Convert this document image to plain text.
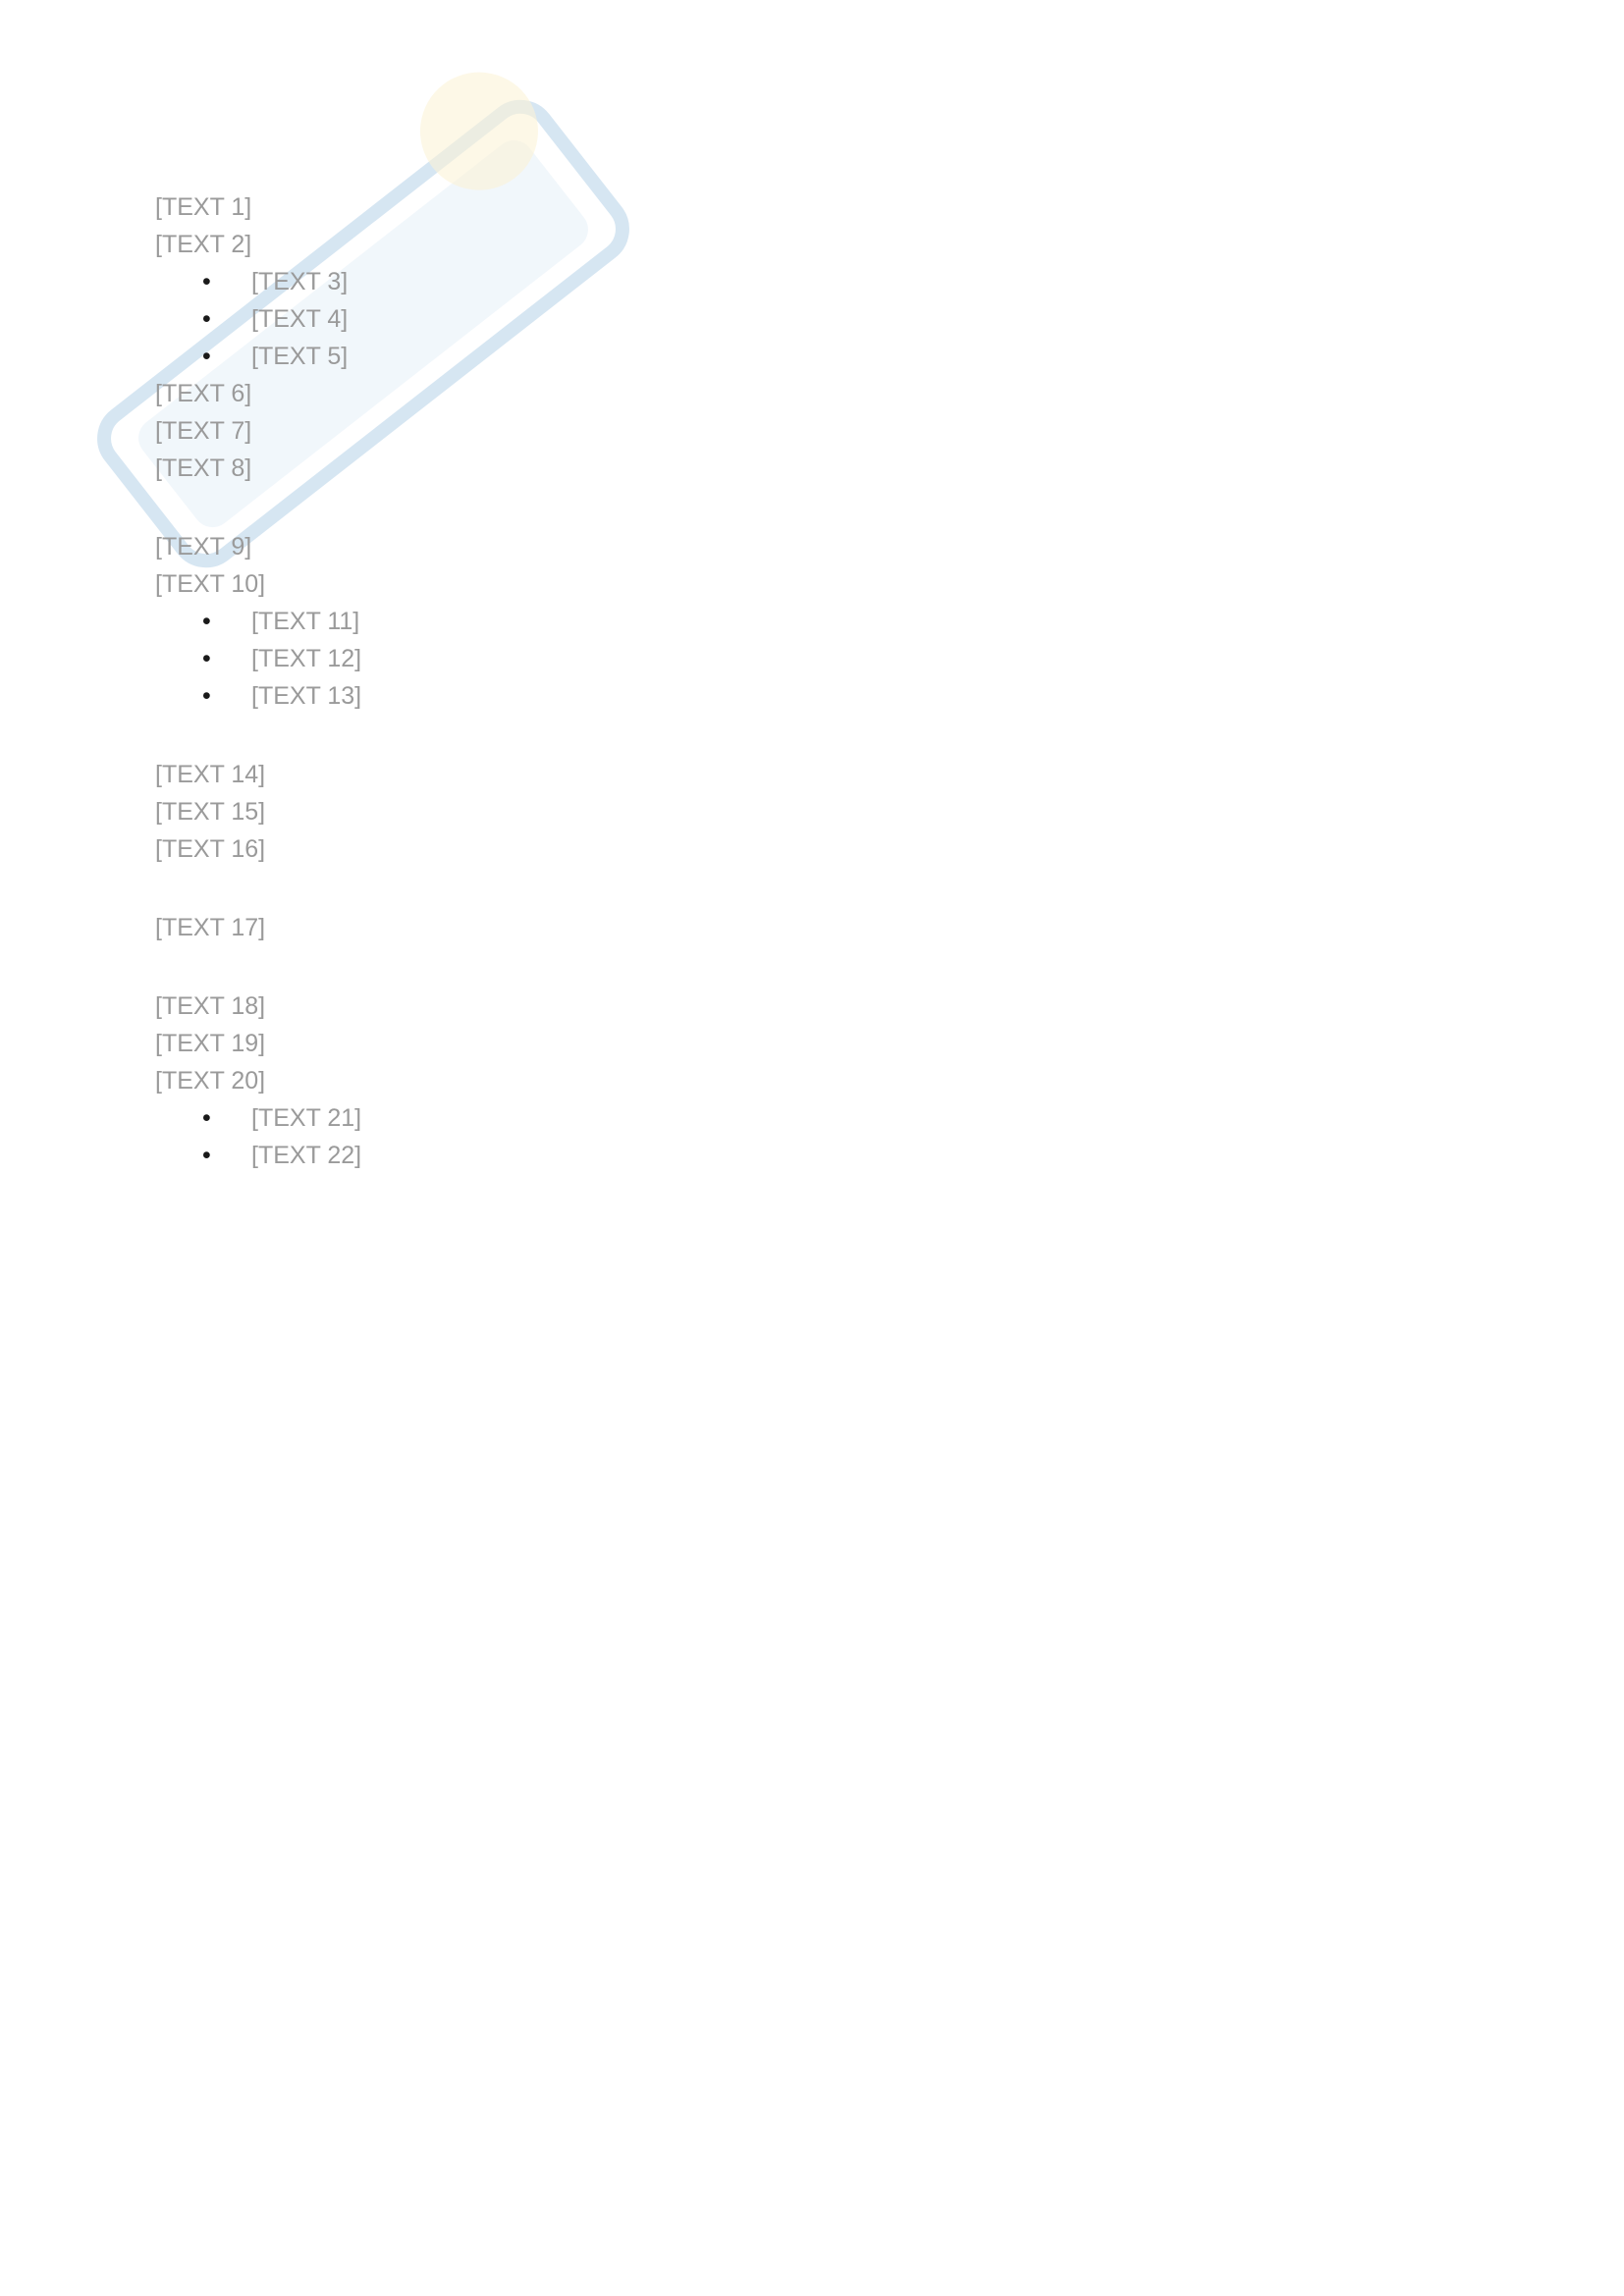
[TEXT 1]

[TEXT 2]

• [TEXT 3]
• [TEXT 4]
• [TEXT 5]

[TEXT 6]

[TEXT 7]

[TEXT 8]

[TEXT 9]

[TEXT 10]

• [TEXT 11]
• [TEXT 12]
• [TEXT 13]

[TEXT 14]

[TEXT 15]

[TEXT 16]

[TEXT 17]

[TEXT 18]

[TEXT 19]

[TEXT 20]

• [TEXT 21]
• [TEXT 22]
